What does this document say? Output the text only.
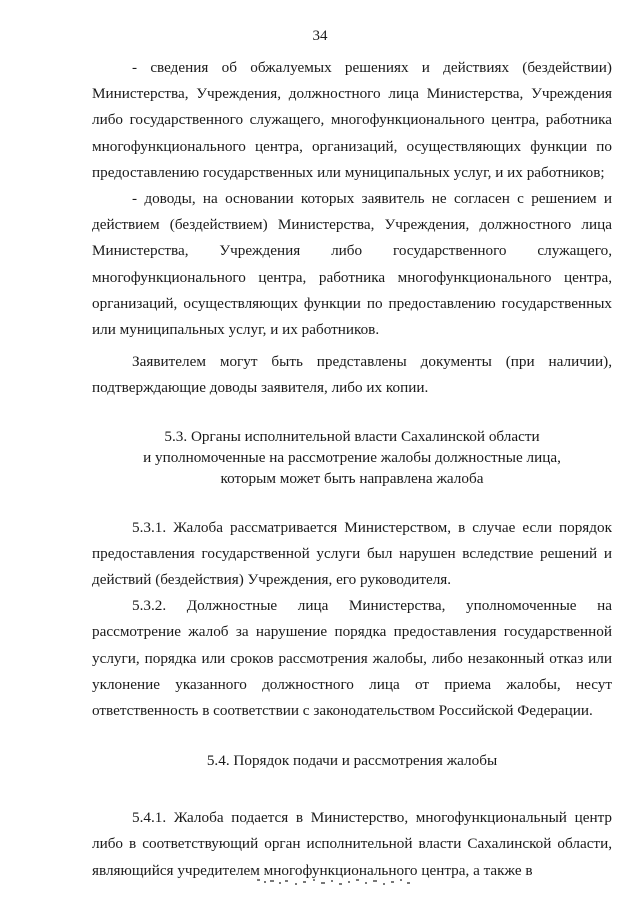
34

- сведения об обжалуемых решениях и действиях (бездействии) Министерства, Учреждения, должностного лица Министерства, Учреждения либо государственного служащего, многофункционального центра, работника многофункционального центра, организаций, осуществляющих функции по предоставлению государственных или муниципальных услуг, и их работников;

- доводы, на основании которых заявитель не согласен с решением и действием (бездействием) Министерства, Учреждения, должностного лица Министерства, Учреждения либо государственного служащего, многофункционального центра, работника многофункционального центра, организаций, осуществляющих функции по предоставлению государственных или муниципальных услуг, и их работников.

Заявителем могут быть представлены документы (при наличии), подтверждающие доводы заявителя, либо их копии.

5.3. Органы исполнительной власти Сахалинской области
и уполномоченные на рассмотрение жалобы должностные лица,
которым может быть направлена жалоба

5.3.1. Жалоба рассматривается Министерством, в случае если порядок предоставления государственной услуги был нарушен вследствие решений и действий (бездействия) Учреждения, его руководителя.

5.3.2. Должностные лица Министерства, уполномоченные на рассмотрение жалоб за нарушение порядка предоставления государственной услуги, порядка или сроков рассмотрения жалобы, либо незаконный отказ или уклонение указанного должностного лица от приема жалобы, несут ответственность в соответствии с законодательством Российской Федерации.

5.4. Порядок подачи и рассмотрения жалобы

5.4.1. Жалоба подается в Министерство, многофункциональный центр либо в соответствующий орган исполнительной власти Сахалинской области, являющийся учредителем многофункционального центра, а также в
